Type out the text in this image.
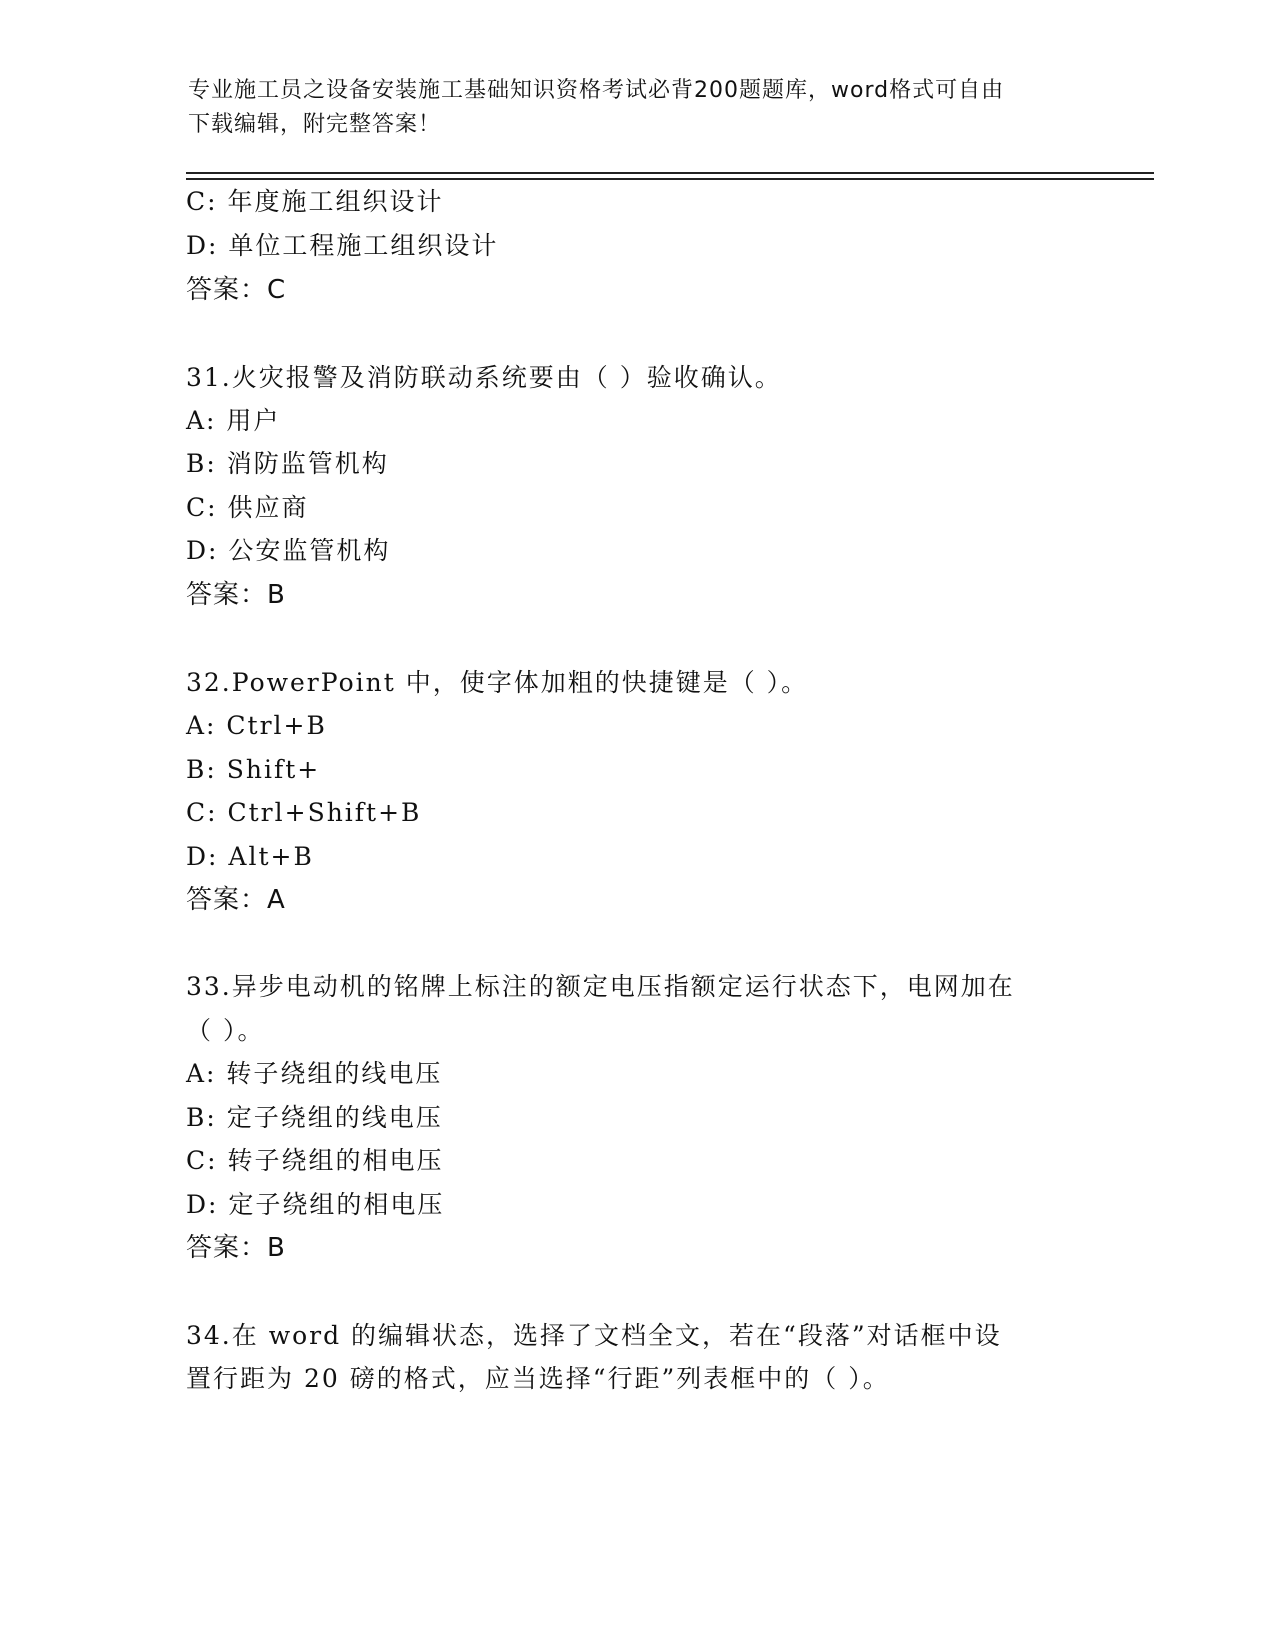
专业施工员之设备安装施工基础知识资格考试必背200题题库，word格式可自由
下载编辑，附完整答案！
C: 年度施工组织设计
D: 单位工程施工组织设计
答案：C
31.火灾报警及消防联动系统要由（ ）验收确认。
A: 用户
B: 消防监管机构
C: 供应商
D: 公安监管机构
答案：B
32.PowerPoint 中，使字体加粗的快捷键是（ ）。
A: Ctrl+B
B: Shift+
C: Ctrl+Shift+B
D: Alt+B
答案：A
33.异步电动机的铭牌上标注的额定电压指额定运行状态下，电网加在
（ ）。
A: 转子绕组的线电压
B: 定子绕组的线电压
C: 转子绕组的相电压
D: 定子绕组的相电压
答案：B
34.在 word 的编辑状态，选择了文档全文，若在“段落”对话框中设
置行距为 20 磅的格式，应当选择“行距”列表框中的（ ）。
